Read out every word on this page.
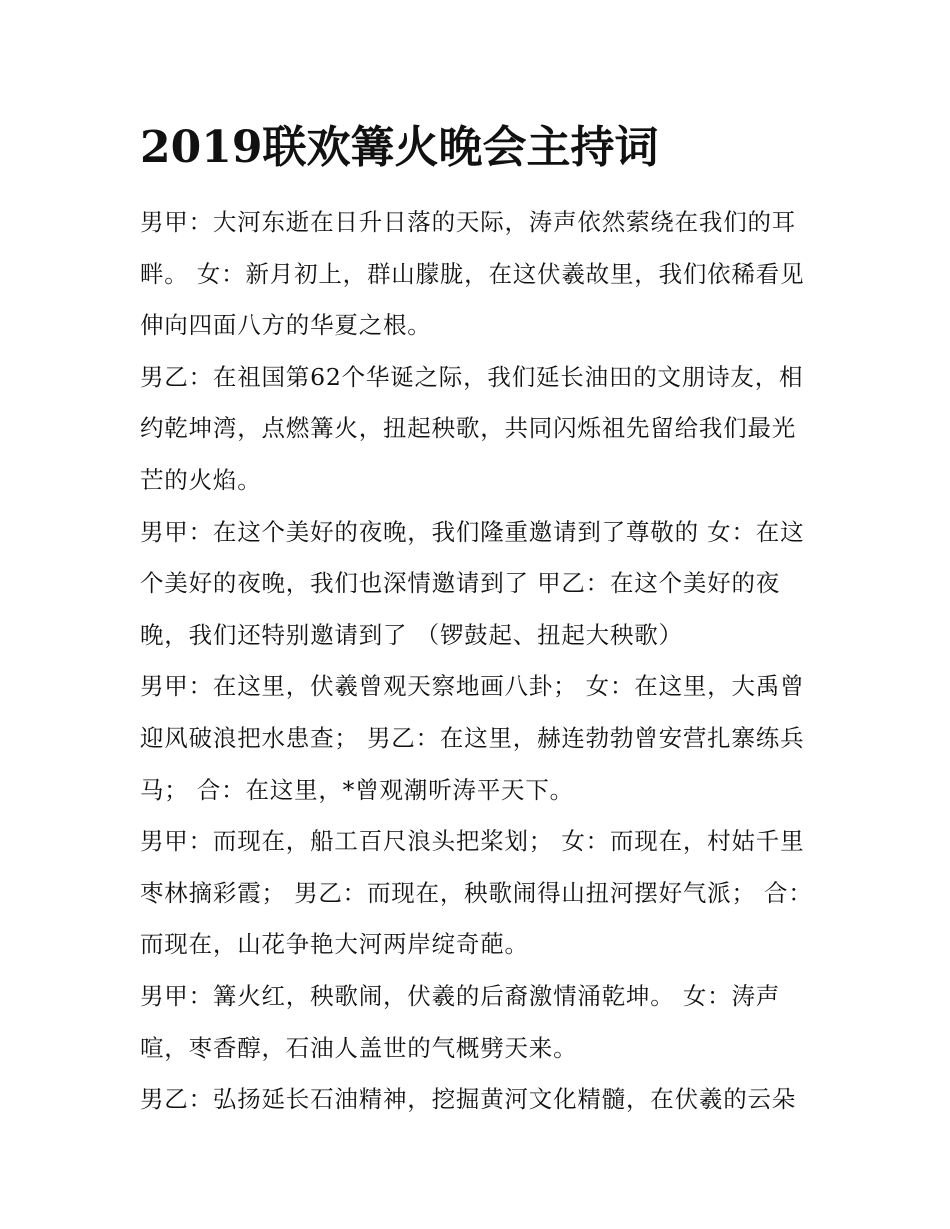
2019联欢篝火晚会主持词

男甲：大河东逝在日升日落的天际，涛声依然萦绕在我们的耳畔。 女：新月初上，群山朦胧，在这伏羲故里，我们依稀看见伸向四面八方的华夏之根。

男乙：在祖国第62个华诞之际，我们延长油田的文朋诗友，相约乾坤湾，点燃篝火，扭起秧歌，共同闪烁祖先留给我们最光芒的火焰。

男甲：在这个美好的夜晚，我们隆重邀请到了尊敬的 女：在这个美好的夜晚，我们也深情邀请到了 甲乙：在这个美好的夜晚，我们还特别邀请到了 （锣鼓起、扭起大秧歌）

男甲：在这里，伏羲曾观天察地画八卦； 女：在这里，大禹曾迎风破浪把水患查； 男乙：在这里，赫连勃勃曾安营扎寨练兵马； 合：在这里，*曾观潮听涛平天下。

男甲：而现在，船工百尺浪头把桨划； 女：而现在，村姑千里枣林摘彩霞； 男乙：而现在，秧歌闹得山扭河摆好气派； 合：而现在，山花争艳大河两岸绽奇葩。

男甲：篝火红，秧歌闹，伏羲的后裔激情涌乾坤。 女：涛声喧，枣香醇，石油人盖世的气概劈天来。

男乙：弘扬延长石油精神，挖掘黄河文化精髓，在伏羲的云朵
